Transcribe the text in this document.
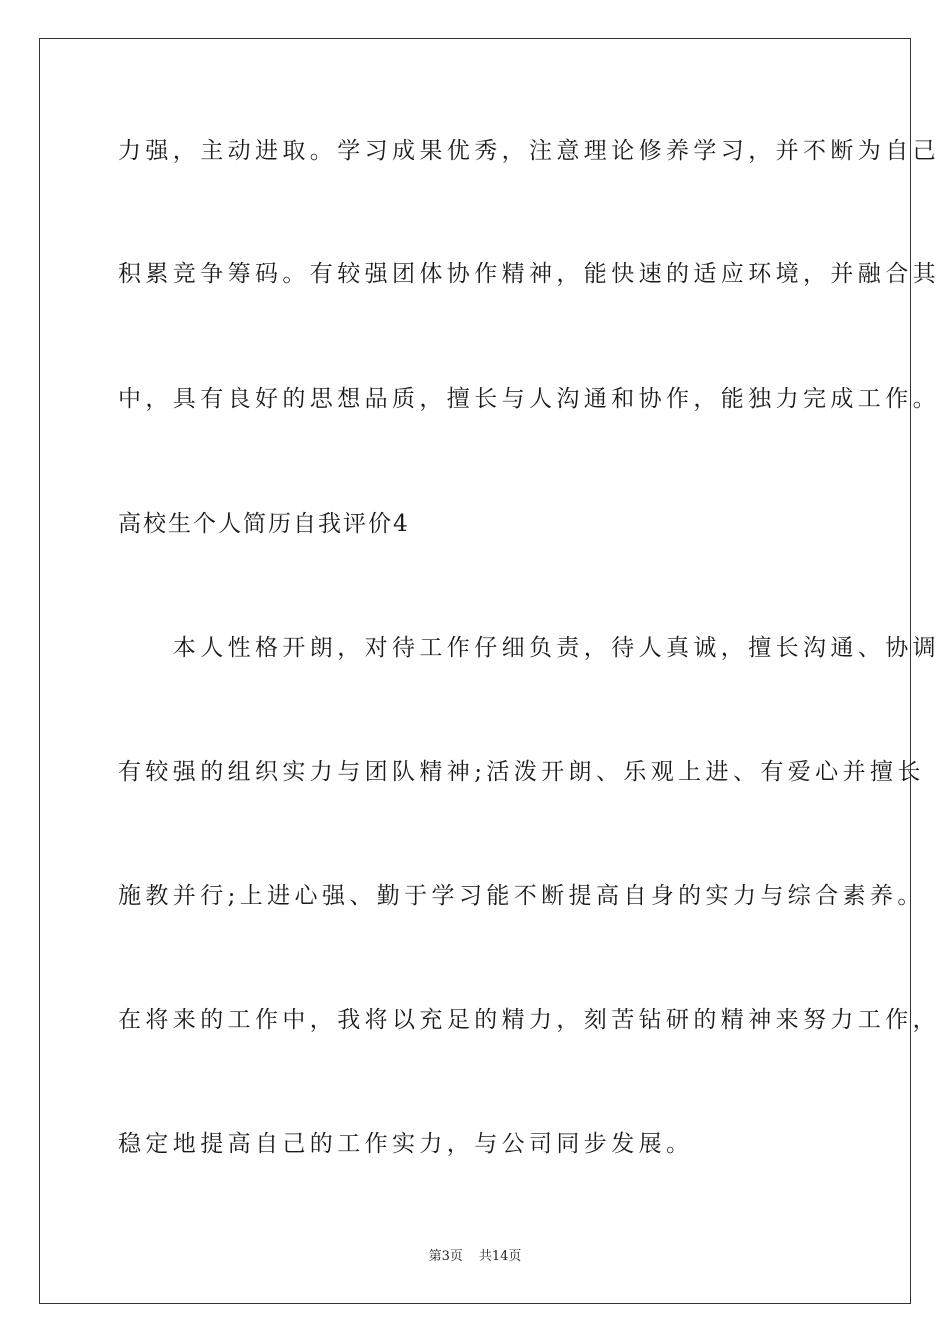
力强，主动进取。学习成果优秀，注意理论修养学习，并不断为自己
积累竞争筹码。有较强团体协作精神，能快速的适应环境，并融合其
中，具有良好的思想品质，擅长与人沟通和协作，能独力完成工作。
高校生个人简历自我评价4
　　本人性格开朗，对待工作仔细负责，待人真诚，擅长沟通、协调
有较强的组织实力与团队精神;活泼开朗、乐观上进、有爱心并擅长
施教并行;上进心强、勤于学习能不断提高自身的实力与综合素养。
在将来的工作中，我将以充足的精力，刻苦钻研的精神来努力工作，
稳定地提高自己的工作实力，与公司同步发展。
第3页 共14页
